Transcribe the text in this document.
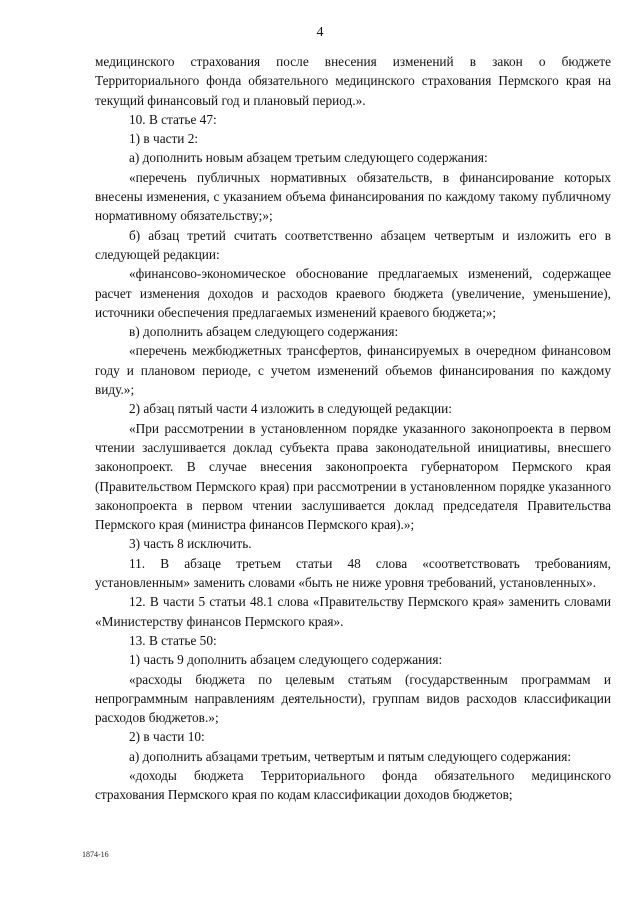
4

медицинского страхования после внесения изменений в закон о бюджете Территориального фонда обязательного медицинского страхования Пермского края на текущий финансовый год и плановый период.».

10. В статье 47:

1) в части 2:

а) дополнить новым абзацем третьим следующего содержания:

«перечень публичных нормативных обязательств, в финансирование которых внесены изменения, с указанием объема финансирования по каждому такому публичному нормативному обязательству;»;

б) абзац третий считать соответственно абзацем четвертым и изложить его в следующей редакции:

«финансово-экономическое обоснование предлагаемых изменений, содержащее расчет изменения доходов и расходов краевого бюджета (увеличение, уменьшение), источники обеспечения предлагаемых изменений краевого бюджета;»;

в) дополнить абзацем следующего содержания:

«перечень межбюджетных трансфертов, финансируемых в очередном финансовом году и плановом периоде, с учетом изменений объемов финансирования по каждому виду.»;

2) абзац пятый части 4 изложить в следующей редакции:

«При рассмотрении в установленном порядке указанного законопроекта в первом чтении заслушивается доклад субъекта права законодательной инициативы, внесшего законопроект. В случае внесения законопроекта губернатором Пермского края (Правительством Пермского края) при рассмотрении в установленном порядке указанного законопроекта в первом чтении заслушивается доклад председателя Правительства Пермского края (министра финансов Пермского края).»;

3) часть 8 исключить.

11. В абзаце третьем статьи 48 слова «соответствовать требованиям, установленным» заменить словами «быть не ниже уровня требований, установленных».

12. В части 5 статьи 48.1 слова «Правительству Пермского края» заменить словами «Министерству финансов Пермского края».

13. В статье 50:

1) часть 9 дополнить абзацем следующего содержания:

«расходы бюджета по целевым статьям (государственным программам и непрограммным направлениям деятельности), группам видов расходов классификации расходов бюджетов.»;

2) в части 10:

а) дополнить абзацами третьим, четвертым и пятым следующего содержания:

«доходы бюджета Территориального фонда обязательного медицинского страхования Пермского края по кодам классификации доходов бюджетов;

1874-16
